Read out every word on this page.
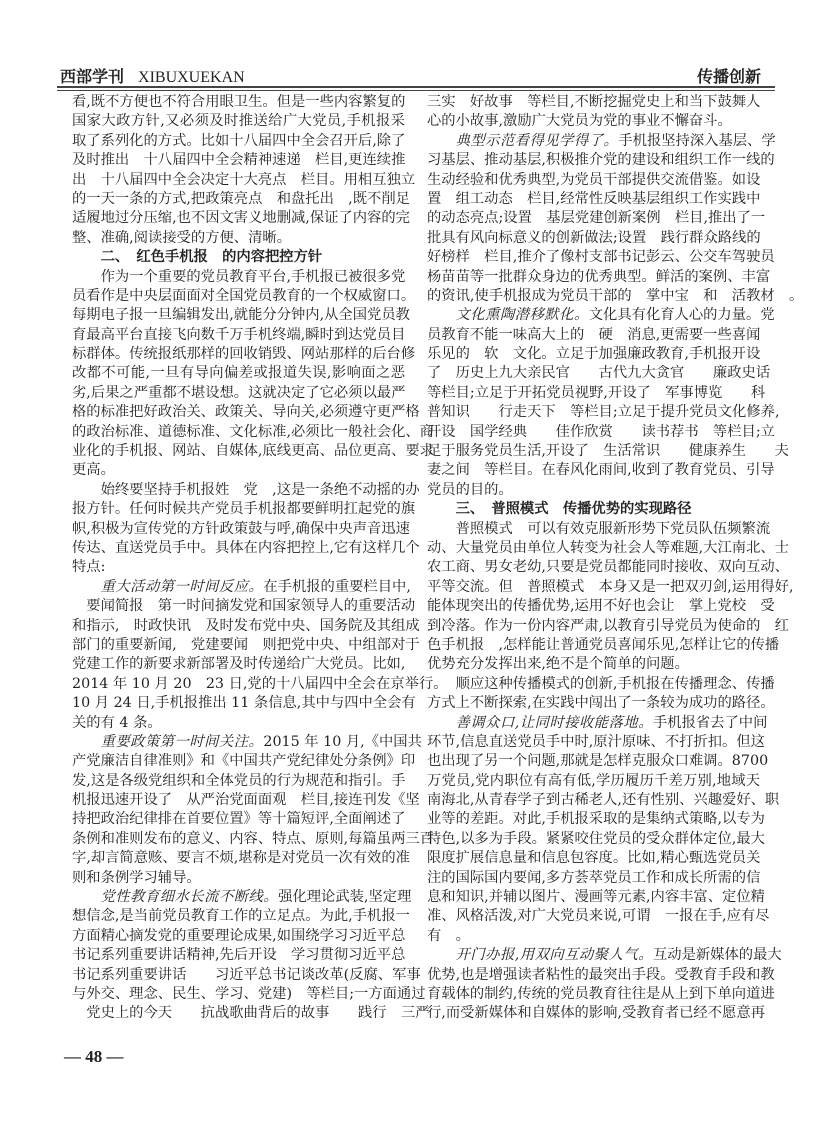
西部学刊 XIBUXUEKAN	传播创新
看,既不方便也不符合用眼卫生。但是一些内容繁复的
国家大政方针,又必须及时推送给广大党员,手机报采
取了系列化的方式。比如十八届四中全会召开后,除了
及时推出　十八届四中全会精神速递　栏目,更连续推
出　十八届四中全会决定十大亮点　栏目。用相互独立
的一天一条的方式,把政策亮点　和盘托出　,既不削足
适履地过分压缩,也不因文害义地删减,保证了内容的完
整、准确,阅读接受的方便、清晰。
二、　红色手机报　的内容把控方针
作为一个重要的党员教育平台,手机报已被很多党
员看作是中央层面面对全国党员教育的一个权威窗口。
每期电子报一旦编辑发出,就能分分钟内,从全国党员教
育最高平台直接飞向数千万手机终端,瞬时到达党员目
标群体。传统报纸那样的回收销毁、网站那样的后台修
改都不可能,一旦有导向偏差或报道失误,影响面之恶
劣,后果之严重都不堪设想。这就决定了它必须以最严
格的标准把好政治关、政策关、导向关,必须遵守更严格
的政治标准、道德标准、文化标准,必须比一般社会化、商
业化的手机报、网站、自媒体,底线更高、品位更高、要求
更高。
始终要坚持手机报姓　党　,这是一条绝不动摇的办
报方针。任何时候共产党员手机报都要鲜明扛起党的旗
帜,积极为宣传党的方针政策鼓与呼,确保中央声音迅速
传达、直送党员手中。具体在内容把控上,它有这样几个
特点:
重大活动第一时间反应。在手机报的重要栏目中,
　要闻简报　第一时间摘发党和国家领导人的重要活动
和指示,　时政快讯　及时发布党中央、国务院及其组成
部门的重要新闻,　党建要闻　则把党中央、中组部对于
党建工作的新要求新部署及时传递给广大党员。比如,
2014 年 10 月 20　23 日,党的十八届四中全会在京举行。
10 月 24 日,手机报推出 11 条信息,其中与四中全会有
关的有 4 条。
重要政策第一时间关注。2015 年 10 月,《中国共
产党廉洁自律准则》和《中国共产党纪律处分条例》印
发,这是各级党组织和全体党员的行为规范和指引。手
机报迅速开设了　从严治党面面观　栏目,接连刊发《坚
持把政治纪律排在首要位置》等十篇短评,全面阐述了
条例和准则发布的意义、内容、特点、原则,每篇虽两三百
字,却言简意赅、要言不烦,堪称是对党员一次有效的准
则和条例学习辅导。
党性教育细水长流不断线。强化理论武装,坚定理
想信念,是当前党员教育工作的立足点。为此,手机报一
方面精心摘发党的重要理论成果,如围绕学习习近平总
书记系列重要讲话精神,先后开设　学习贯彻习近平总
书记系列重要讲话　　习近平总书记谈改革(反腐、军事
与外交、理念、民生、学习、党建)　等栏目;一方面通过
　党史上的今天　　抗战歌曲背后的故事　　践行　三严
三实　好故事　等栏目,不断挖掘党史上和当下鼓舞人
心的小故事,激励广大党员为党的事业不懈奋斗。
典型示范看得见学得了。手机报坚持深入基层、学
习基层、推动基层,积极推介党的建设和组织工作一线的
生动经验和优秀典型,为党员干部提供交流借鉴。如设
置　组工动态　栏目,经常性反映基层组织工作实践中
的动态亮点;设置　基层党建创新案例　栏目,推出了一
批具有风向标意义的创新做法;设置　践行群众路线的
好榜样　栏目,推介了像村支部书记彭云、公交车驾驶员
杨苗苗等一批群众身边的优秀典型。鲜活的案例、丰富
的资讯,使手机报成为党员干部的　掌中宝　和　活教材　。
文化熏陶潜移默化。文化具有化育人心的力量。党
员教育不能一味高大上的　硬　消息,更需要一些喜闻
乐见的　软　文化。立足于加强廉政教育,手机报开设
了　历史上九大亲民官　　古代九大贪官　　廉政史话
等栏目;立足于开拓党员视野,开设了　军事博览　　科
普知识　　行走天下　等栏目;立足于提升党员文化修养,
开设　国学经典　　佳作欣赏　　读书荐书　等栏目;立
足于服务党员生活,开设了　生活常识　　健康养生　　夫
妻之间　等栏目。在春风化雨间,收到了教育党员、引导
党员的目的。
三、　普照模式　传播优势的实现路径
普照模式　可以有效克服新形势下党员队伍频繁流
动、大量党员由单位人转变为社会人等难题,大江南北、士
农工商、男女老幼,只要是党员都能同时接收、双向互动、
平等交流。但　普照模式　本身又是一把双刃剑,运用得好,
能体现突出的传播优势,运用不好也会让　掌上党校　受
到冷落。作为一份内容严肃,以教育引导党员为使命的　红
色手机报　,怎样能让普通党员喜闻乐见,怎样让它的传播
优势充分发挥出来,绝不是个简单的问题。
顺应这种传播模式的创新,手机报在传播理念、传播
方式上不断探索,在实践中闯出了一条较为成功的路径。
善调众口,让同时接收能落地。手机报省去了中间
环节,信息直送党员手中时,原汁原味、不打折扣。但这
也出现了另一个问题,那就是怎样克服众口难调。8700
万党员,党内职位有高有低,学历履历千差万别,地域天
南海北,从青春学子到古稀老人,还有性别、兴趣爱好、职
业等的差距。对此,手机报采取的是集纳式策略,以专为
特色,以多为手段。紧紧咬住党员的受众群体定位,最大
限度扩展信息量和信息包容度。比如,精心甄选党员关
注的国际国内要闻,多方荟萃党员工作和成长所需的信
息和知识,并辅以图片、漫画等元素,内容丰富、定位精
准、风格活泼,对广大党员来说,可谓　一报在手,应有尽
有　。
开门办报,用双向互动聚人气。互动是新媒体的最大
优势,也是增强读者粘性的最突出手段。受教育手段和教
育载体的制约,传统的党员教育往往是从上到下单向道进
行,而受新媒体和自媒体的影响,受教育者已经不愿意再
— 48 —
